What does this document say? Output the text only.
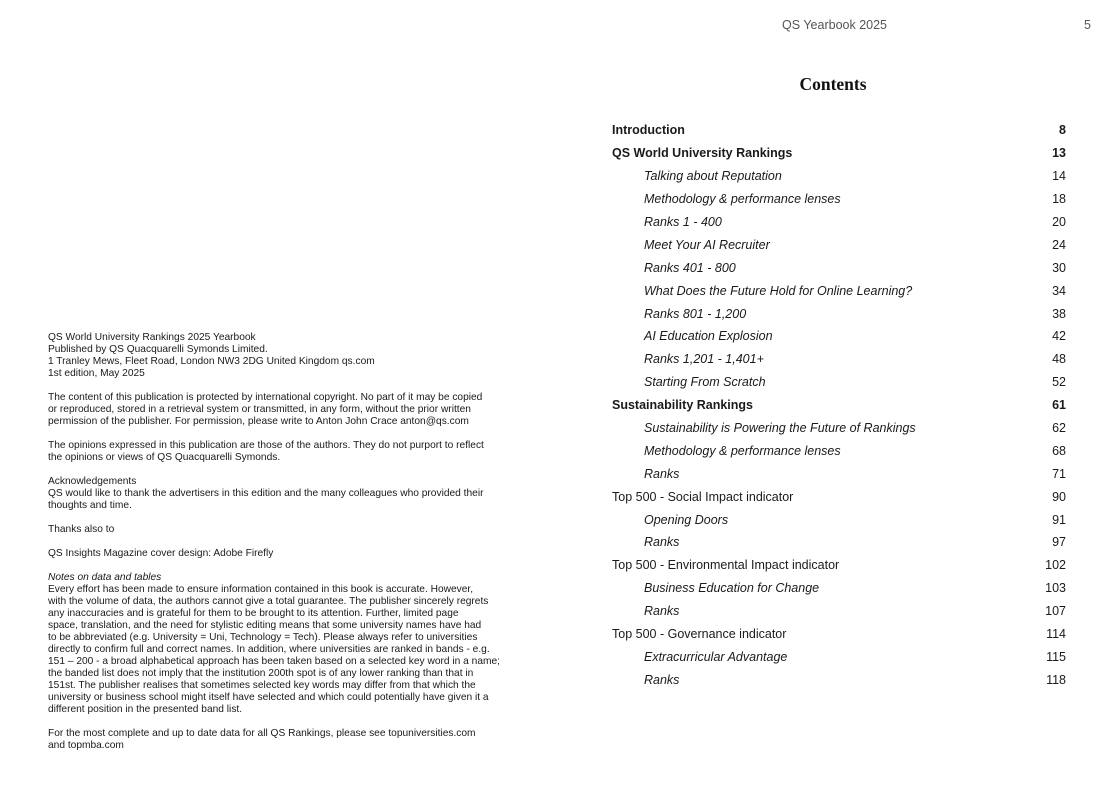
QS Yearbook 2025	5
Contents
Introduction	8
QS World University Rankings	13
Talking about Reputation	14
Methodology & performance lenses	18
Ranks 1 - 400	20
Meet Your AI Recruiter	24
Ranks 401 - 800	30
What Does the Future Hold for Online Learning?	34
Ranks 801 - 1,200	38
AI Education Explosion	42
Ranks 1,201 - 1,401+	48
Starting From Scratch	52
Sustainability Rankings	61
Sustainability is Powering the Future of Rankings	62
Methodology & performance lenses	68
Ranks	71
Top 500 - Social Impact indicator	90
Opening Doors	91
Ranks	97
Top 500 - Environmental Impact indicator	102
Business Education for Change	103
Ranks	107
Top 500 - Governance indicator	114
Extracurricular Advantage	115
Ranks	118

QS World University Rankings 2025 Yearbook
Published by QS Quacquarelli Symonds Limited.
1 Tranley Mews, Fleet Road, London NW3 2DG United Kingdom qs.com
1st edition, May 2025

The content of this publication is protected by international copyright. No part of it may be copied
or reproduced, stored in a retrieval system or transmitted, in any form, without the prior written
permission of the publisher. For permission, please write to Anton John Crace anton@qs.com

The opinions expressed in this publication are those of the authors. They do not purport to reflect
the opinions or views of QS Quacquarelli Symonds.

Acknowledgements
QS would like to thank the advertisers in this edition and the many colleagues who provided their
thoughts and time.

Thanks also to

QS Insights Magazine cover design: Adobe Firefly

Notes on data and tables
Every effort has been made to ensure information contained in this book is accurate. However,
with the volume of data, the authors cannot give a total guarantee. The publisher sincerely regrets
any inaccuracies and is grateful for them to be brought to its attention. Further, limited page
space, translation, and the need for stylistic editing means that some university names have had
to be abbreviated (e.g. University = Uni, Technology = Tech). Please always refer to universities
directly to confirm full and correct names. In addition, where universities are ranked in bands - e.g.
151 – 200 - a broad alphabetical approach has been taken based on a selected key word in a name;
the banded list does not imply that the institution 200th spot is of any lower ranking than that in
151st. The publisher realises that sometimes selected key words may differ from that which the
university or business school might itself have selected and which could potentially have given it a
different position in the presented band list.

For the most complete and up to date data for all QS Rankings, please see topuniversities.com
and topmba.com
